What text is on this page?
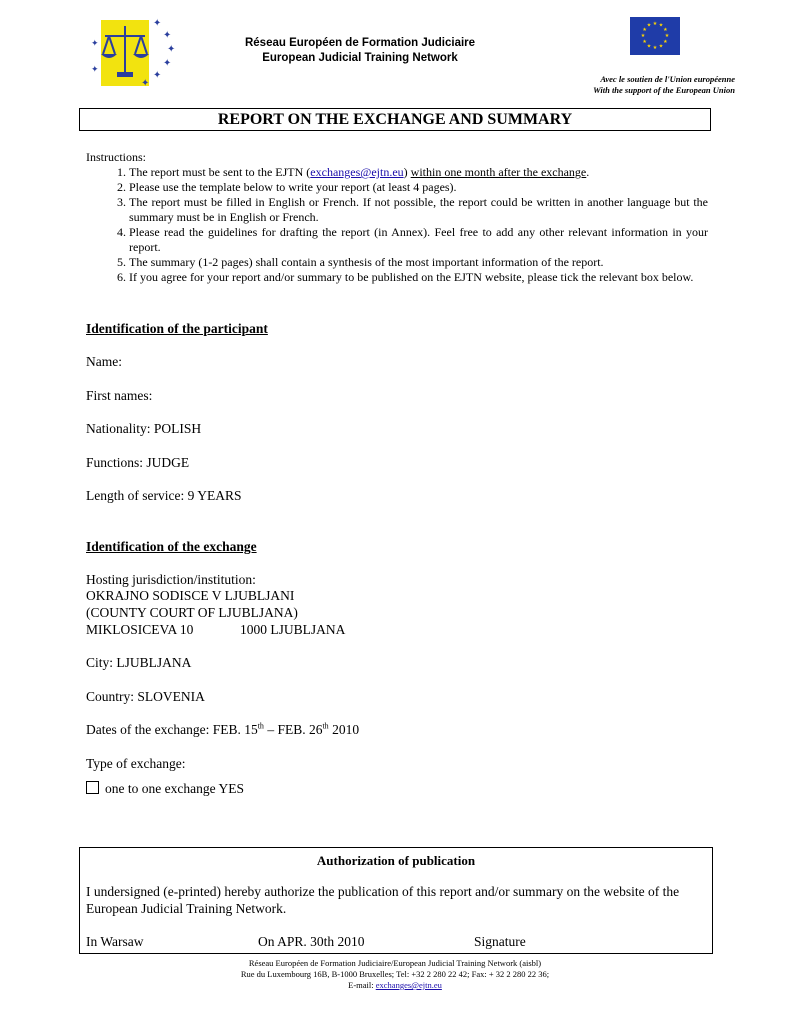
✦
✦
✦
✦
✦
✦
✦
✦
Réseau Européen de Formation Judiciaire
European Judicial Training Network
★ ★
★
★
★
★
★
★
★
★
★
★
Avec le soutien de l'Union européenne
With the support of the European Union
REPORT ON THE EXCHANGE AND SUMMARY
Instructions:
1. The report must be sent to the EJTN (exchanges@ejtn.eu) within one month after the exchange.
2. Please use the template below to write your report (at least 4 pages).
3. The report must be filled in English or French. If not possible, the report could be written in another language but the summary must be in English or French.
4. Please read the guidelines for drafting the report (in Annex). Feel free to add any other relevant information in your report.
5. The summary (1-2 pages) shall contain a synthesis of the most important information of the report.
6. If you agree for your report and/or summary to be published on the EJTN website, please tick the relevant box below.
Identification of the participant
Name:
First names:
Nationality: POLISH
Functions: JUDGE
Length of service: 9 YEARS
Identification of the exchange
Hosting jurisdiction/institution:
OKRAJNO SODISCE V LJUBLJANI
(COUNTY COURT OF LJUBLJANA)
MIKLOSICEVA 10	1000 LJUBLJANA
City: LJUBLJANA
Country: SLOVENIA
Dates of the exchange: FEB. 15th – FEB. 26th 2010
Type of exchange:
one to one exchange YES
Authorization of publication
I undersigned (e-printed) hereby authorize the publication of this report and/or summary on the website of the European Judicial Training Network.
In Warsaw	On APR. 30th 2010	Signature
Réseau Européen de Formation Judiciaire/European Judicial Training Network (aisbl)
Rue du Luxembourg 16B, B-1000 Bruxelles; Tel: +32 2 280 22 42; Fax: + 32 2 280 22 36;
E-mail: exchanges@ejtn.eu
